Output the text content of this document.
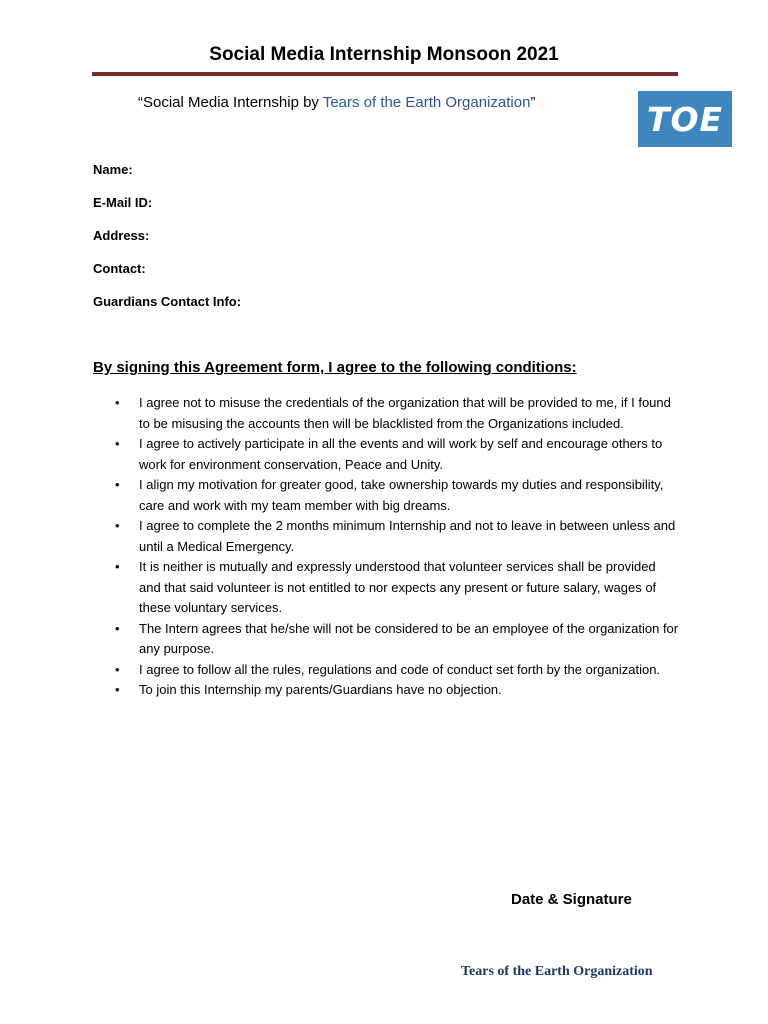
Social Media Internship Monsoon 2021
“Social Media Internship by Tears of the Earth Organization”	TOE
Name:
E-Mail ID:
Address:
Contact:
Guardians Contact Info:
By signing this Agreement form, I agree to the following conditions:
• I agree not to misuse the credentials of the organization that will be provided to me, if I found to be misusing the accounts then will be blacklisted from the Organizations included.
• I agree to actively participate in all the events and will work by self and encourage others to work for environment conservation, Peace and Unity.
• I align my motivation for greater good, take ownership towards my duties and responsibility, care and work with my team member with big dreams.
• I agree to complete the 2 months minimum Internship and not to leave in between unless and until a Medical Emergency.
• It is neither is mutually and expressly understood that volunteer services shall be provided and that said volunteer is not entitled to nor expects any present or future salary, wages of these voluntary services.
• The Intern agrees that he/she will not be considered to be an employee of the organization for any purpose.
• I agree to follow all the rules, regulations and code of conduct set forth by the organization.
• To join this Internship my parents/Guardians have no objection.
Date & Signature
Tears of the Earth Organization
